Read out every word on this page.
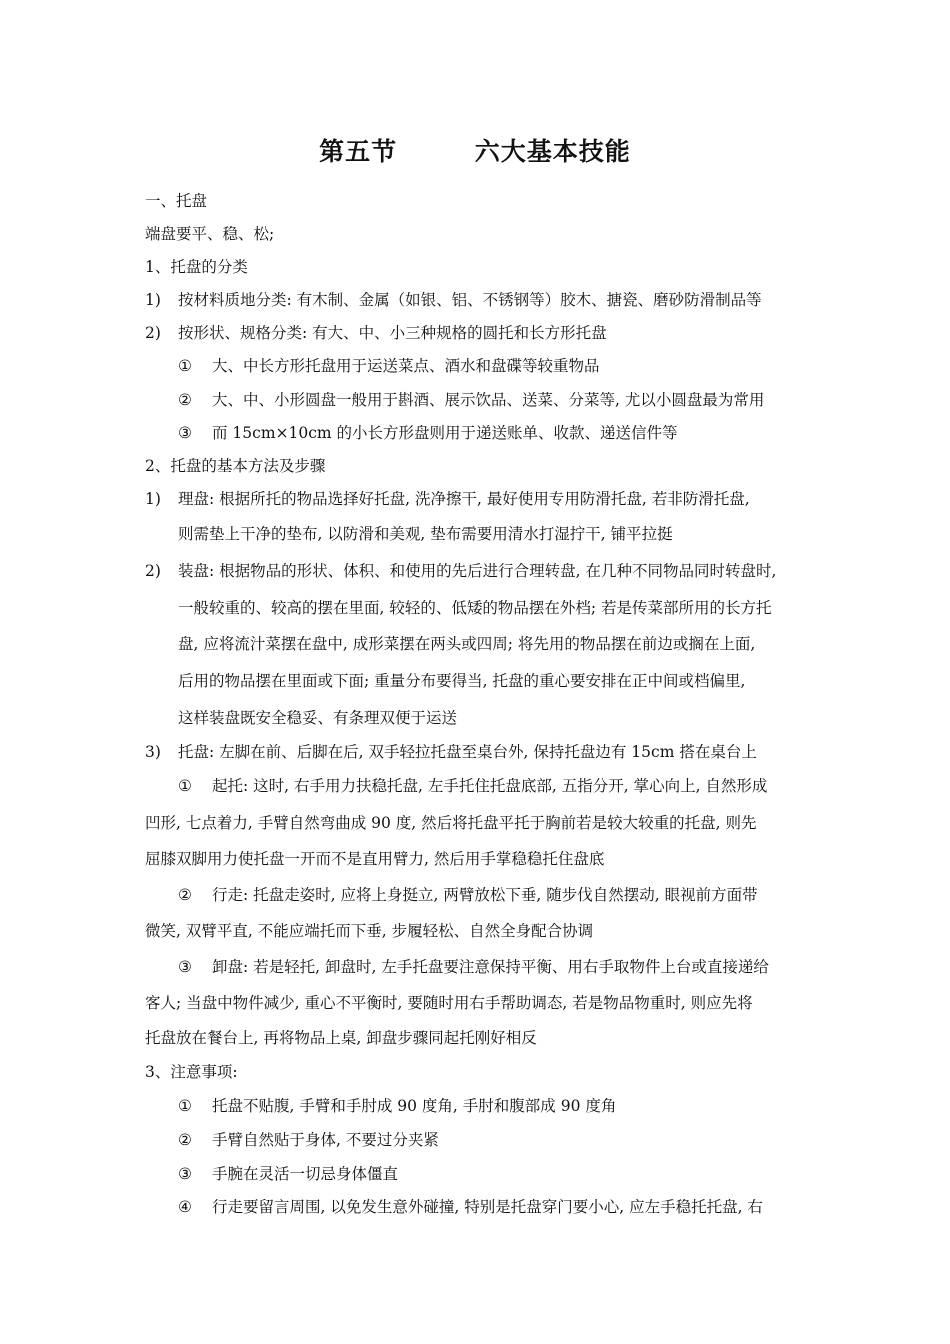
第五节        六大基本技能
一、托盘
端盘要平、稳、松;
1、托盘的分类
1) 按材料质地分类: 有木制、金属（如银、铝、不锈钢等）胶木、搪瓷、磨砂防滑制品等
2) 按形状、规格分类: 有大、中、小三种规格的圆托和长方形托盘
① 大、中长方形托盘用于运送菜点、酒水和盘碟等较重物品
② 大、中、小形圆盘一般用于斟酒、展示饮品、送菜、分菜等, 尤以小圆盘最为常用
③ 而 15cm×10cm 的小长方形盘则用于递送账单、收款、递送信件等
2、托盘的基本方法及步骤
1) 理盘: 根据所托的物品选择好托盘, 洗净擦干, 最好使用专用防滑托盘, 若非防滑托盘,
则需垫上干净的垫布, 以防滑和美观, 垫布需要用清水打湿拧干, 铺平拉挺
2) 装盘: 根据物品的形状、体积、和使用的先后进行合理转盘, 在几种不同物品同时转盘时,
一般较重的、较高的摆在里面, 较轻的、低矮的物品摆在外档; 若是传菜部所用的长方托
盘, 应将流汁菜摆在盘中, 成形菜摆在两头或四周; 将先用的物品摆在前边或搁在上面,
后用的物品摆在里面或下面; 重量分布要得当, 托盘的重心要安排在正中间或档偏里,
这样装盘既安全稳妥、有条理双便于运送
3) 托盘: 左脚在前、后脚在后, 双手轻拉托盘至桌台外, 保持托盘边有 15cm 搭在桌台上
① 起托: 这时, 右手用力扶稳托盘, 左手托住托盘底部, 五指分开, 掌心向上, 自然形成
凹形, 七点着力, 手臂自然弯曲成 90 度, 然后将托盘平托于胸前若是较大较重的托盘, 则先
屈膝双脚用力使托盘一开而不是直用臂力, 然后用手掌稳稳托住盘底
② 行走: 托盘走姿时, 应将上身挺立, 两臂放松下垂, 随步伐自然摆动, 眼视前方面带
微笑, 双臂平直, 不能应端托而下垂, 步履轻松、自然全身配合协调
③ 卸盘: 若是轻托, 卸盘时, 左手托盘要注意保持平衡、用右手取物件上台或直接递给
客人; 当盘中物件减少, 重心不平衡时, 要随时用右手帮助调态, 若是物品物重时, 则应先将
托盘放在餐台上, 再将物品上桌, 卸盘步骤同起托刚好相反
3、注意事项:
① 托盘不贴腹, 手臂和手肘成 90 度角, 手肘和腹部成 90 度角
② 手臂自然贴于身体, 不要过分夹紧
③ 手腕在灵活一切忌身体僵直
④ 行走要留言周围, 以免发生意外碰撞, 特别是托盘穿门要小心, 应左手稳托托盘, 右
